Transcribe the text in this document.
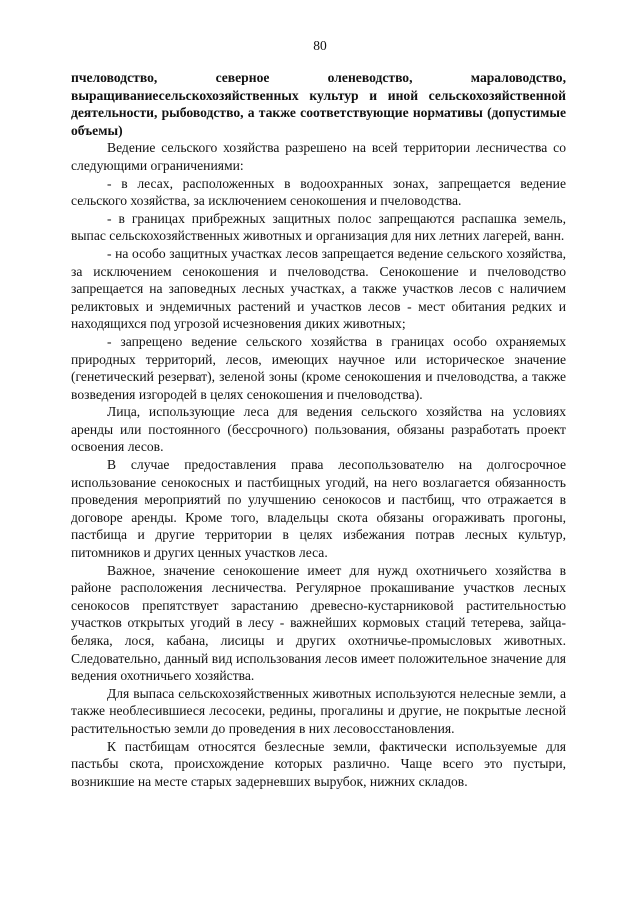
80

пчеловодство, северное оленеводство, мараловодство, выращиваниесельскохозяйственных культур и иной сельскохозяйственной деятельности, рыбоводство, а также соответствующие нормативы (допустимые объемы)

Ведение сельского хозяйства разрешено на всей территории лесничества со следующими ограничениями:

- в лесах, расположенных в водоохранных зонах, запрещается ведение сельского хозяйства, за исключением сенокошения и пчеловодства.

- в границах прибрежных защитных полос запрещаются распашка земель, выпас сельскохозяйственных животных и организация для них летних лагерей, ванн.

- на особо защитных участках лесов запрещается ведение сельского хозяйства, за исключением сенокошения и пчеловодства. Сенокошение и пчеловодство запрещается на заповедных лесных участках, а также участков лесов с наличием реликтовых и эндемичных растений и участков лесов - мест обитания редких и находящихся под угрозой исчезновения диких животных;

- запрещено ведение сельского хозяйства в границах особо охраняемых природных территорий, лесов, имеющих научное или историческое значение (генетический резерват), зеленой зоны (кроме сенокошения и пчеловодства, а также возведения изгородей в целях сенокошения и пчеловодства).

Лица, использующие леса для ведения сельского хозяйства на условиях аренды или постоянного (бессрочного) пользования, обязаны разработать проект освоения лесов.

В случае предоставления права лесопользователю на долгосрочное использование сенокосных и пастбищных угодий, на него возлагается обязанность проведения мероприятий по улучшению сенокосов и пастбищ, что отражается в договоре аренды. Кроме того, владельцы скота обязаны огораживать прогоны, пастбища и другие территории в целях избежания потрав лесных культур, питомников и других ценных участков леса.

Важное, значение сенокошение имеет для нужд охотничьего хозяйства в районе расположения лесничества. Регулярное прокашивание участков лесных сенокосов препятствует зарастанию древесно-кустарниковой растительностью участков открытых угодий в лесу - важнейших кормовых стаций тетерева, зайца-беляка, лося, кабана, лисицы и других охотничье-промысловых животных. Следовательно, данный вид использования лесов имеет положительное значение для ведения охотничьего хозяйства.

Для выпаса сельскохозяйственных животных используются нелесные земли, а также необлесившиеся лесосеки, редины, прогалины и другие, не покрытые лесной растительностью земли до проведения в них лесовосстановления.

К пастбищам относятся безлесные земли, фактически используемые для пастьбы скота, происхождение которых различно. Чаще всего это пустыри, возникшие на месте старых задерневших вырубок, нижних складов.
